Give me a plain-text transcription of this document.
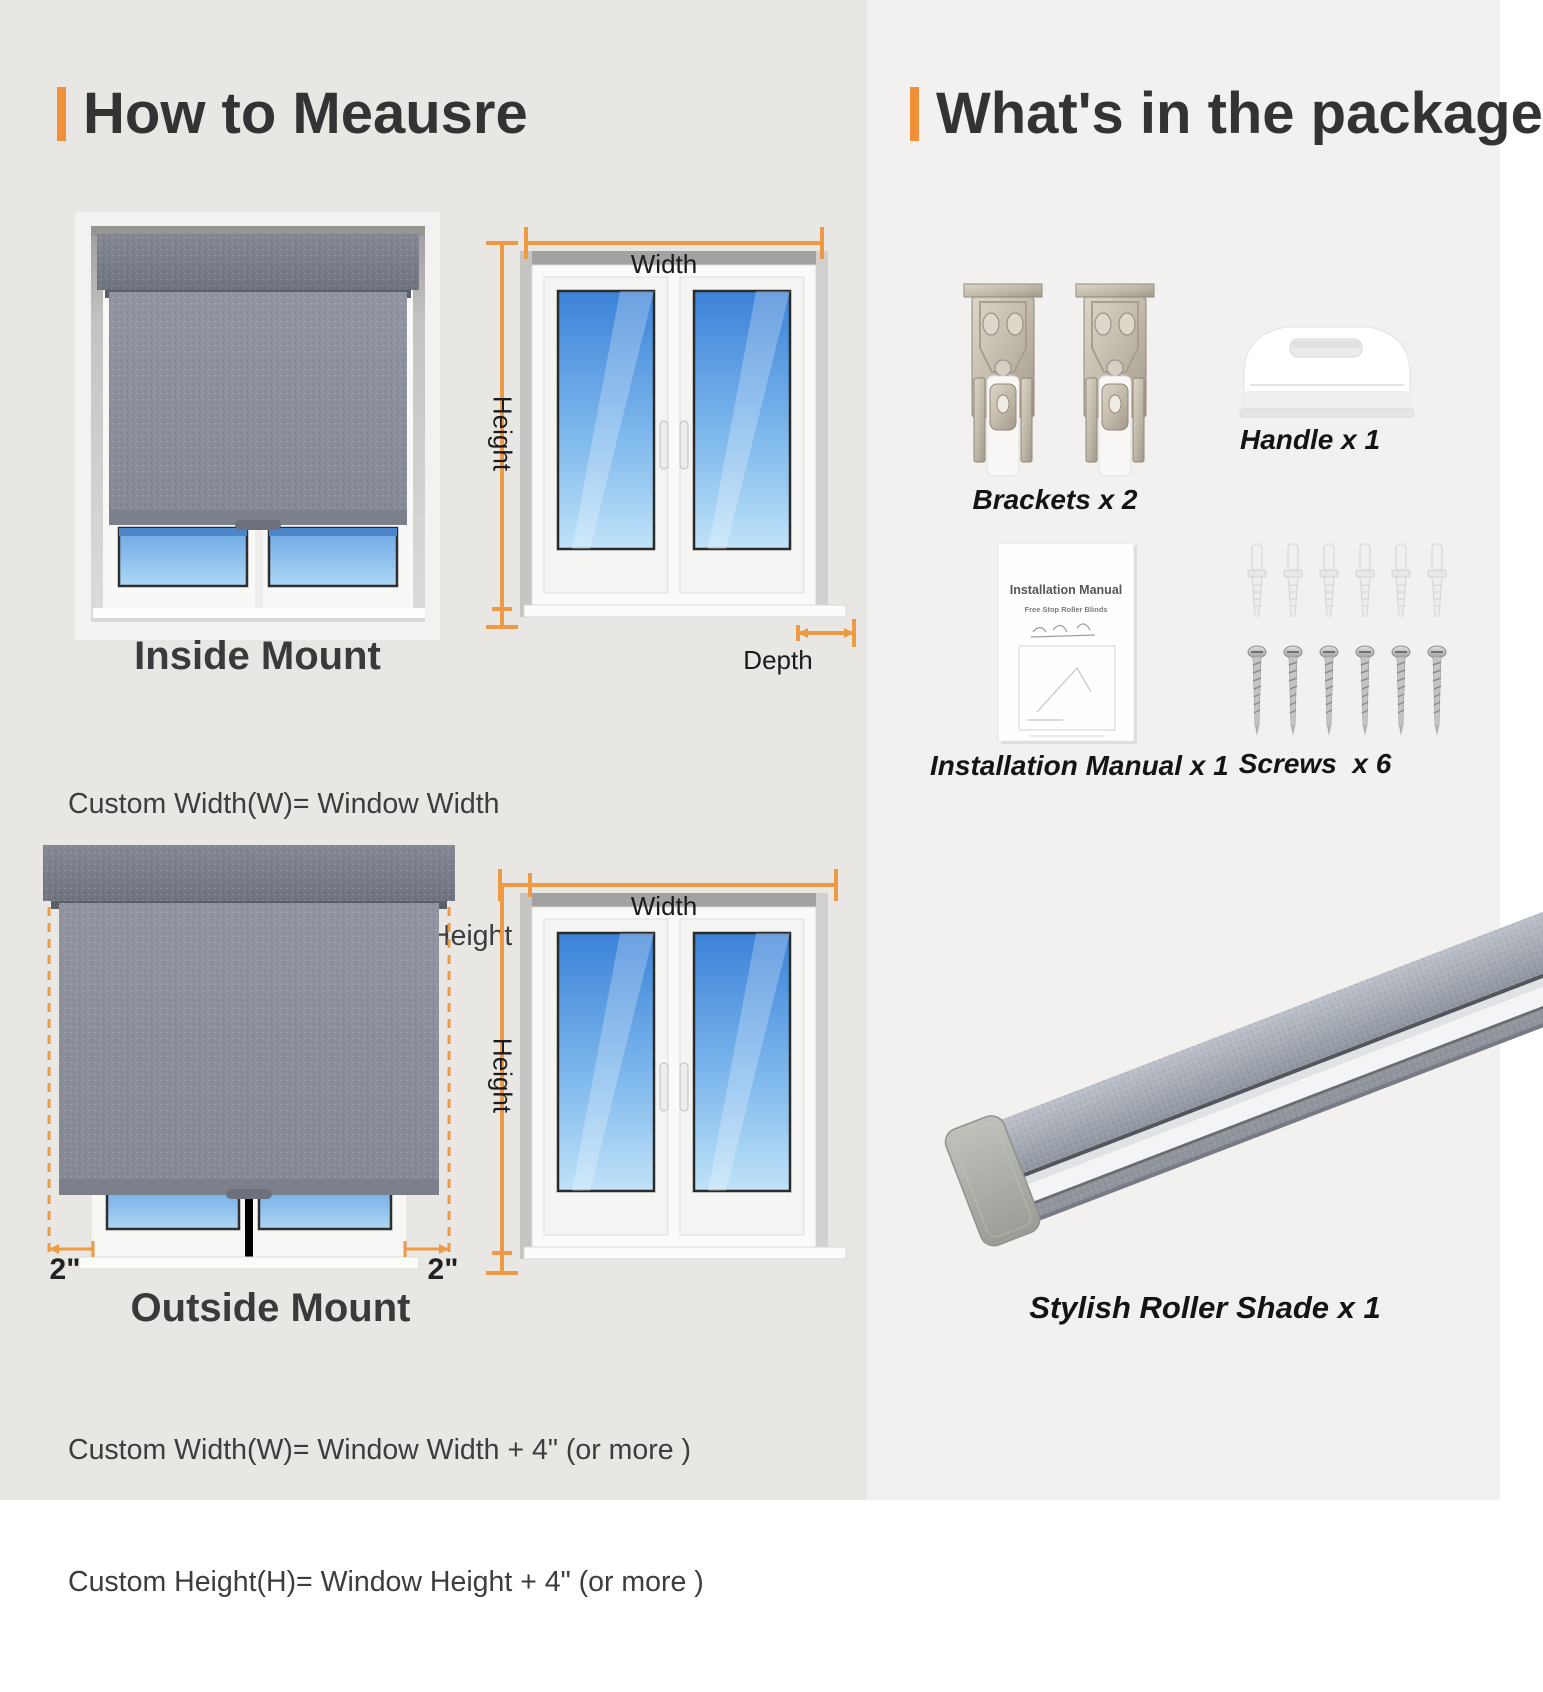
How to Meausre
Width
Height
Depth
Inside Mount

Custom Width(W)= Window Width

Height

2"	2"
Width
Height
Outside Mount

Custom Width(W)= Window Width + 4" (or more )

Custom Height(H)= Window Height + 4" (or more )

What's in the package
Brackets x 2
Handle x 1
Installation Manual
Free Stop Roller Blinds
Installation Manual x 1 Screws  x 6
Stylish Roller Shade x 1
